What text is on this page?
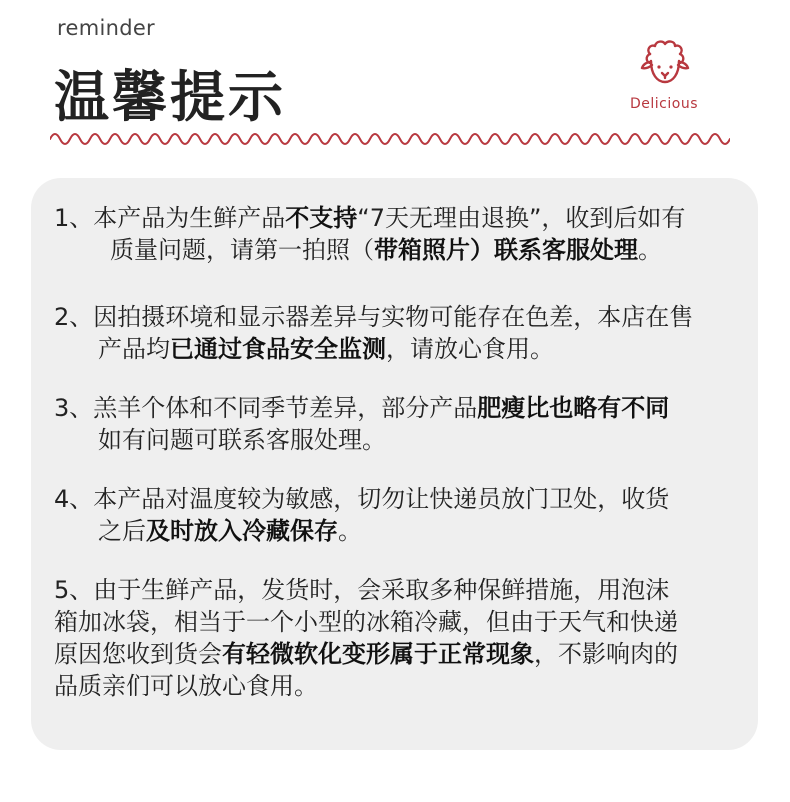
reminder
温馨提示	Delicious
1、本产品为生鲜产品不支持“7天无理由退换”，收到后如有
质量问题，请第一拍照（带箱照片）联系客服处理。
2、因拍摄环境和显示器差异与实物可能存在色差，本店在售
产品均已通过食品安全监测，请放心食用。
3、羔羊个体和不同季节差异，部分产品肥瘦比也略有不同
如有问题可联系客服处理。
4、本产品对温度较为敏感，切勿让快递员放门卫处，收货
之后及时放入冷藏保存。
5、由于生鲜产品，发货时，会采取多种保鲜措施，用泡沫
箱加冰袋，相当于一个小型的冰箱冷藏，但由于天气和快递
原因您收到货会有轻微软化变形属于正常现象，不影响肉的
品质亲们可以放心食用。
